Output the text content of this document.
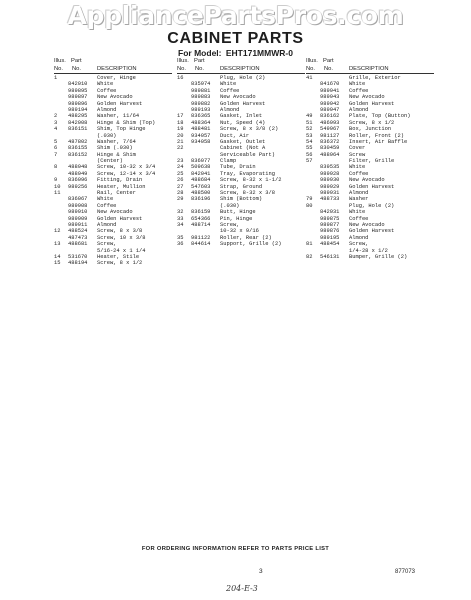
AppliancePartsPros.com
CABINET PARTS
For Model: EHT171MMWR-0
Illus. Part
No. No.	DESCRIPTION
1	Cover, Hinge
842010	White
989895	Coffee
989897	New Avocado
989896	Golden Harvest
989194	Almond
2	488295	Washer, 11/64
3	842008	Hinge & Shim (Top)
4	836151	Shim, Top Hinge
(.030)
5	487802	Washer, 7/64
6	836155	Shim (.030)
7	836152	Hinge & Shim
(Center)
8	488948	Screw, 10-32 x 3/4
488949	Screw, 12-14 x 3/4
9	836096	Fitting, Drain
10	989256	Heater, Mullion
11	Rail, Center
836067	White
989908	Coffee
989910	New Avocado
989909	Golden Harvest
989911	Almond
12	488524	Screw, 8 x 3/8
487473	Screw, 10 x 3/8
13	488681	Screw,
5/16-24 x 1 1/4
14	531670	Heater, Stile
15	488194	Screw, 8 x 1/2
Illus. Part
No. No.	DESCRIPTION
16	Plug, Hole (2)
835974	White
989881	Coffee
989883	New Avocado
989882	Golden Harvest
989193	Almond
17	836365	Gasket, Inlet
18	488364	Nut, Speed (4)
19	488481	Screw, 8 x 3/8 (2)
20	934057	Duct, Air
21	934058	Gasket, Outlet
22	Cabinet (Not A
Serviceable Part)
23	836077	Clamp
24	509638	Tube, Drain
25	842041	Tray, Evaporating
26	488684	Screw, 8-32 x 1-1/2
27	547603	Strap, Ground
28	488500	Screw, 8-32 x 3/8
29	836196	Shim (Bottom)
(.030)
32	836159	Butt, Hinge
33	654366	Pin, Hinge
34	488714	Screw,
10-32 x 9/16
35	981122	Roller, Rear (2)
36	844614	Support, Grille (2)
Illus. Part
No. No.	DESCRIPTION
41	Grille, Exterior
841670	White
989941	Coffee
989943	New Avocado
989942	Golden Harvest
989947	Almond
49	836162	Plate, Top (Button)
51	486993	Screw, 8 x 1/2
52	549967	Box, Junction
53	981127	Roller, Front (2)
54	836372	Insert, Air Baffle
55	830459	Cover
56	488964	Screw
57	Filter, Grille
839535	White
989928	Coffee
989930	New Avocado
989929	Golden Harvest
989931	Almond
79	488733	Washer
80	Plug, Hole (2)
842031	White
989875	Coffee
989877	New Avocado
989876	Golden Harvest
989195	Almond
81	488454	Screw,
1/4-28 x 1/2
82	546131	Bumper, Grille (2)
FOR ORDERING INFORMATION REFER TO PARTS PRICE LIST
3	877073
204-E-3
